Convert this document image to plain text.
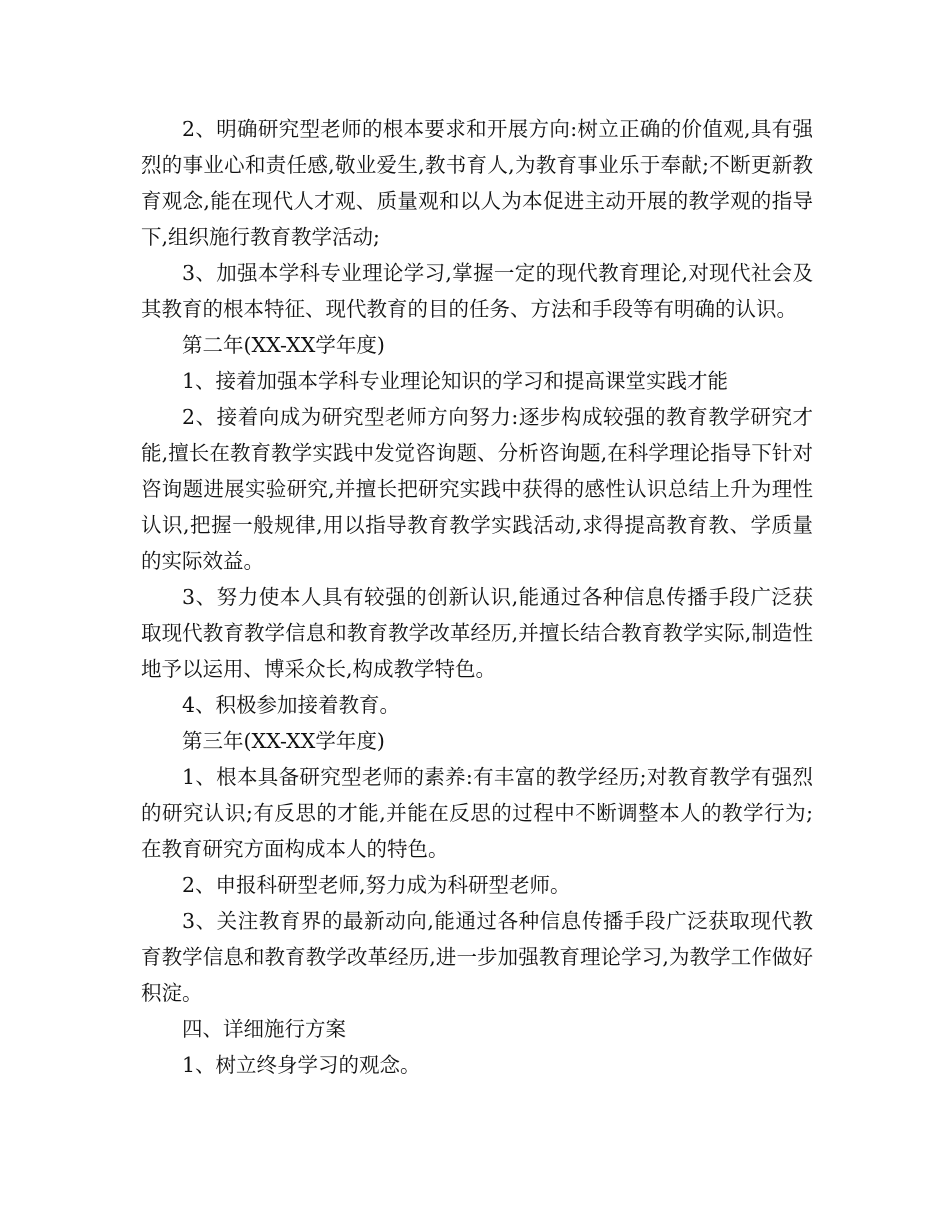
2、明确研究型老师的根本要求和开展方向:树立正确的价值观,具有强烈的事业心和责任感,敬业爱生,教书育人,为教育事业乐于奉献;不断更新教育观念,能在现代人才观、质量观和以人为本促进主动开展的教学观的指导下,组织施行教育教学活动;

3、加强本学科专业理论学习,掌握一定的现代教育理论,对现代社会及其教育的根本特征、现代教育的目的任务、方法和手段等有明确的认识。

第二年(XX-XX学年度)

1、接着加强本学科专业理论知识的学习和提高课堂实践才能

2、接着向成为研究型老师方向努力:逐步构成较强的教育教学研究才能,擅长在教育教学实践中发觉咨询题、分析咨询题,在科学理论指导下针对咨询题进展实验研究,并擅长把研究实践中获得的感性认识总结上升为理性认识,把握一般规律,用以指导教育教学实践活动,求得提高教育教、学质量的实际效益。

3、努力使本人具有较强的创新认识,能通过各种信息传播手段广泛获取现代教育教学信息和教育教学改革经历,并擅长结合教育教学实际,制造性地予以运用、博采众长,构成教学特色。

4、积极参加接着教育。

第三年(XX-XX学年度)

1、根本具备研究型老师的素养:有丰富的教学经历;对教育教学有强烈的研究认识;有反思的才能,并能在反思的过程中不断调整本人的教学行为;在教育研究方面构成本人的特色。

2、申报科研型老师,努力成为科研型老师。

3、关注教育界的最新动向,能通过各种信息传播手段广泛获取现代教育教学信息和教育教学改革经历,进一步加强教育理论学习,为教学工作做好积淀。

四、详细施行方案

1、树立终身学习的观念。
